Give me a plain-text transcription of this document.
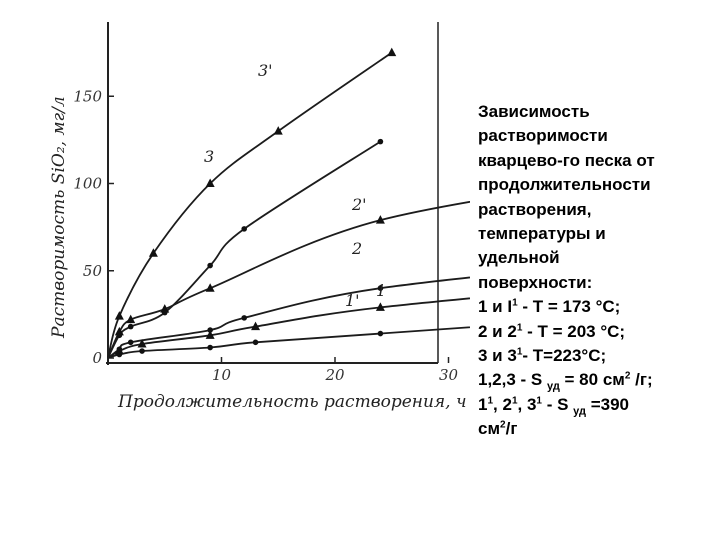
10	20	30
0
50
100
150
1
1'
2
2'
3
3'
Продолжительность растворения, ч
Растворимость SiO₂, мг/л	Зависимость
растворимости
кварцево-го песка от
продолжительности
растворения,
температуры и
удельной
поверхности:
1 и $I^1 - T = 173$ °C;
2 и $2^1 - T = 203$ °C;
3 и $3^1-$ T=223°C;
1,2,3 - S $_{уд}$ = 80 $см^2$ /г;
$1^1$, $2^1$, $3^1$ - S $_{уд}$ =390
$см^2/г$
